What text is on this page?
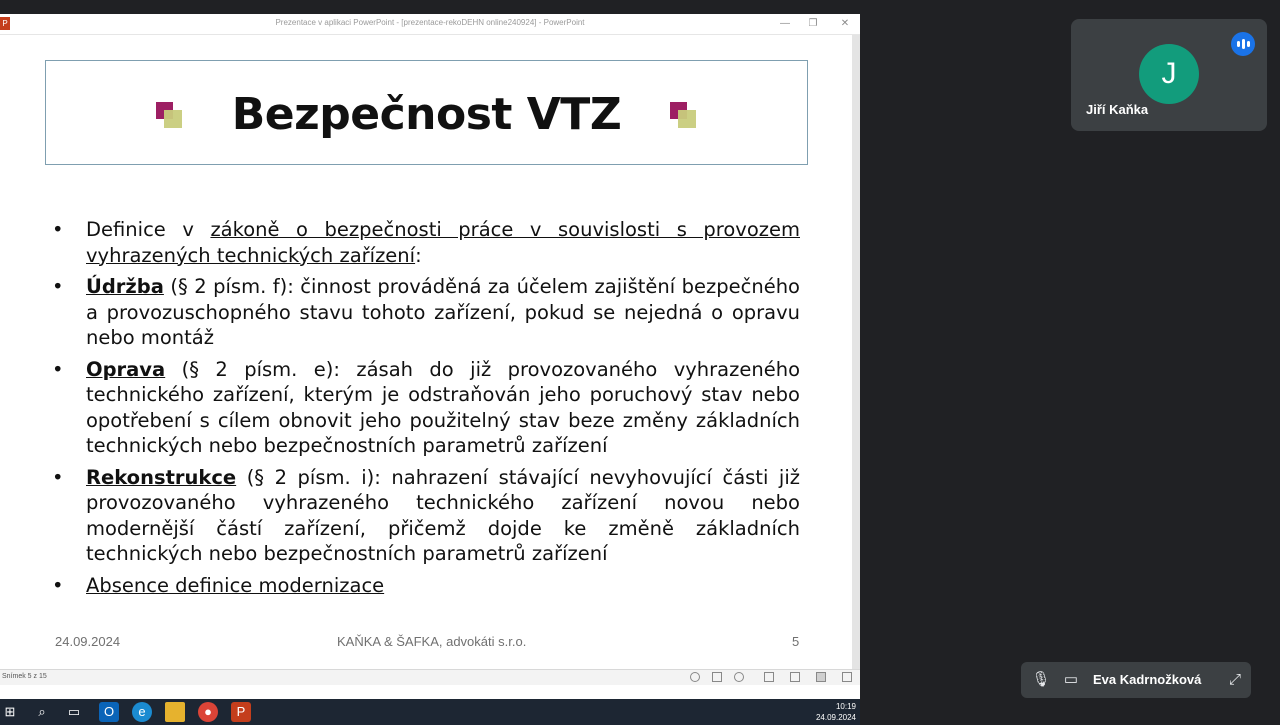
P	Prezentace v aplikaci PowerPoint - [prezentace-rekoDEHN online240924] - PowerPoint	— ❐ ✕
Bezpečnost VTZ
• Definice v zákoně o bezpečnosti práce v souvislosti s provozem vyhrazených technických zařízení:
• Údržba (§ 2 písm. f): činnost prováděná za účelem zajištění bezpečného a provozuschopného stavu tohoto zařízení, pokud se nejedná o opravu nebo montáž
• Oprava (§ 2 písm. e): zásah do již provozovaného vyhrazeného technického zařízení, kterým je odstraňován jeho poruchový stav nebo opotřebení s cílem obnovit jeho použitelný stav beze změny základních technických nebo bezpečnostních parametrů zařízení
• Rekonstrukce (§ 2 písm. i): nahrazení stávající nevyhovující části již provozovaného vyhrazeného technického zařízení novou nebo modernější částí zařízení, přičemž dojde ke změně základních technických nebo bezpečnostních parametrů zařízení
• Absence definice modernizace
24.09.2024	KAŇKA & ŠAFKA, advokáti s.r.o.	5
Snímek 5 z 15
⊞	⌕	▭	O	e	●	P	10:19
24.09.2024
J
Jiří Kaňka
🎙 ▭ Eva Kadrnožková ⤢
